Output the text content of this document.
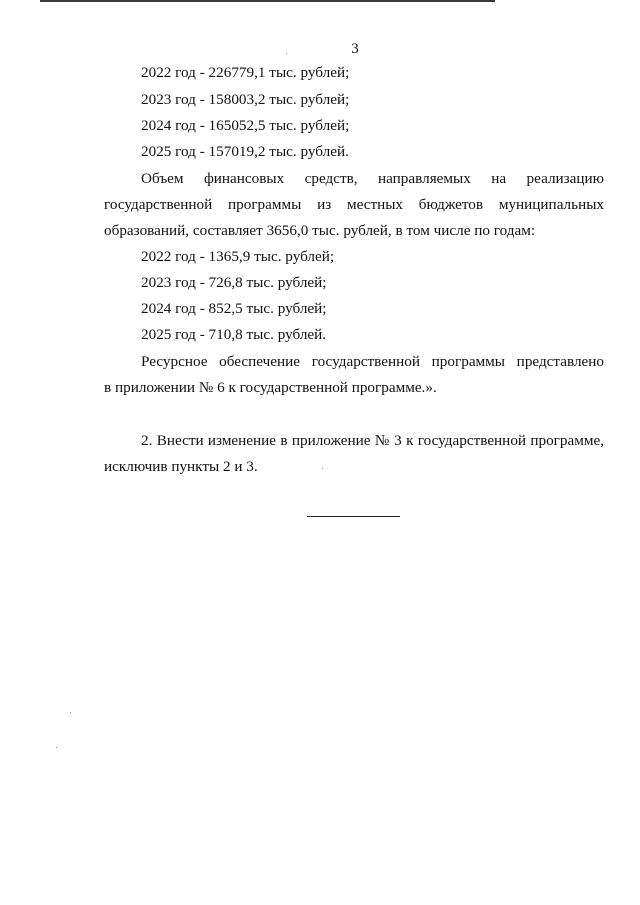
3
2022 год - 226779,1 тыс. рублей;
2023 год - 158003,2 тыс. рублей;
2024 год - 165052,5 тыс. рублей;
2025 год - 157019,2 тыс. рублей.
Объем финансовых средств, направляемых на реализацию
государственной программы из местных бюджетов муниципальных
образований, составляет 3656,0 тыс. рублей, в том числе по годам:
2022 год - 1365,9 тыс. рублей;
2023 год - 726,8 тыс. рублей;
2024 год - 852,5 тыс. рублей;
2025 год - 710,8 тыс. рублей.
Ресурсное обеспечение государственной программы представлено
в приложении № 6 к государственной программе.».
2. Внести изменение в приложение № 3 к государственной программе,
исключив пункты 2 и 3.
